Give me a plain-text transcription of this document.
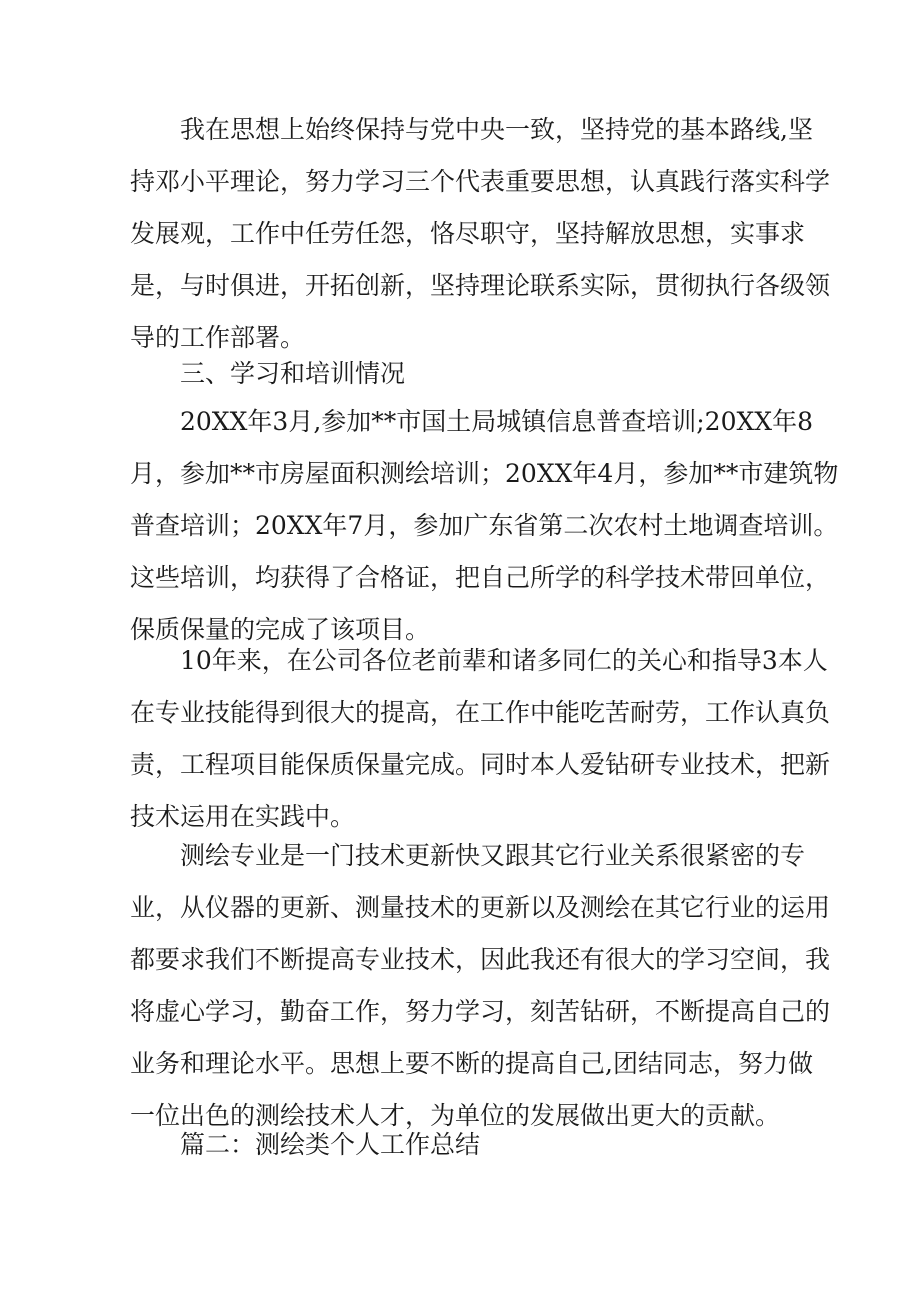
我在思想上始终保持与党中央一致，坚持党的基本路线,坚
持邓小平理论，努力学习三个代表重要思想，认真践行落实科学
发展观，工作中任劳任怨，恪尽职守，坚持解放思想，实事求
是，与时俱进，开拓创新，坚持理论联系实际，贯彻执行各级领
导的工作部署。
三、学习和培训情况
20XX年3月,参加**市国土局城镇信息普查培训;20XX年8
月，参加**市房屋面积测绘培训；20XX年4月，参加**市建筑物
普查培训；20XX年7月，参加广东省第二次农村土地调查培训。
这些培训，均获得了合格证，把自己所学的科学技术带回单位，
保质保量的完成了该项目。
10年来，在公司各位老前辈和诸多同仁的关心和指导3本人
在专业技能得到很大的提高，在工作中能吃苦耐劳，工作认真负
责，工程项目能保质保量完成。同时本人爱钻研专业技术，把新
技术运用在实践中。
测绘专业是一门技术更新快又跟其它行业关系很紧密的专
业，从仪器的更新、测量技术的更新以及测绘在其它行业的运用
都要求我们不断提高专业技术，因此我还有很大的学习空间，我
将虚心学习，勤奋工作，努力学习，刻苦钻研，不断提高自己的
业务和理论水平。思想上要不断的提高自己,团结同志，努力做
一位出色的测绘技术人才，为单位的发展做出更大的贡献。
篇二：测绘类个人工作总结
